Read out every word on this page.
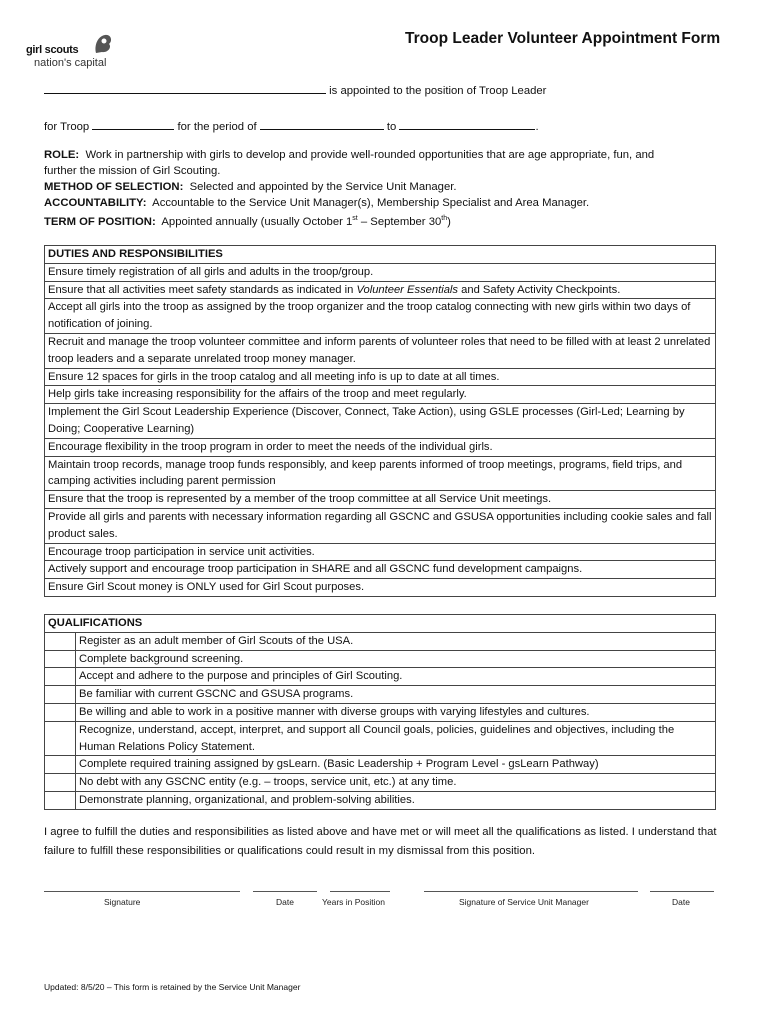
girl scouts
nation's capital
Troop Leader Volunteer Appointment Form
is appointed to the position of Troop Leader
for Troop	for the period of	to	.
ROLE: Work in partnership with girls to develop and provide well-rounded opportunities that are age appropriate, fun, and
further the mission of Girl Scouting.
METHOD OF SELECTION: Selected and appointed by the Service Unit Manager.
ACCOUNTABILITY: Accountable to the Service Unit Manager(s), Membership Specialist and Area Manager.
TERM OF POSITION: Appointed annually (usually October 1st – September 30th)
DUTIES AND RESPONSIBILITIES
Ensure timely registration of all girls and adults in the troop/group.
Ensure that all activities meet safety standards as indicated in Volunteer Essentials and Safety Activity Checkpoints.
Accept all girls into the troop as assigned by the troop organizer and the troop catalog connecting with new girls within two days of notification of joining.
Recruit and manage the troop volunteer committee and inform parents of volunteer roles that need to be filled with at least 2 unrelated troop leaders and a separate unrelated troop money manager.
Ensure 12 spaces for girls in the troop catalog and all meeting info is up to date at all times.
Help girls take increasing responsibility for the affairs of the troop and meet regularly.
Implement the Girl Scout Leadership Experience (Discover, Connect, Take Action), using GSLE processes (Girl-Led; Learning by Doing; Cooperative Learning)
Encourage flexibility in the troop program in order to meet the needs of the individual girls.
Maintain troop records, manage troop funds responsibly, and keep parents informed of troop meetings, programs, field trips, and camping activities including parent permission
Ensure that the troop is represented by a member of the troop committee at all Service Unit meetings.
Provide all girls and parents with necessary information regarding all GSCNC and GSUSA opportunities including cookie sales and fall product sales.
Encourage troop participation in service unit activities.
Actively support and encourage troop participation in SHARE and all GSCNC fund development campaigns.
Ensure Girl Scout money is ONLY used for Girl Scout purposes.
QUALIFICATIONS	
	Register as an adult member of Girl Scouts of the USA.
	Complete background screening.
	Accept and adhere to the purpose and principles of Girl Scouting.
	Be familiar with current GSCNC and GSUSA programs.
	Be willing and able to work in a positive manner with diverse groups with varying lifestyles and cultures.
	Recognize, understand, accept, interpret, and support all Council goals, policies, guidelines and objectives, including the Human Relations Policy Statement.
	Complete required training assigned by gsLearn. (Basic Leadership + Program Level - gsLearn Pathway)
	No debt with any GSCNC entity (e.g. – troops, service unit, etc.) at any time.
	Demonstrate planning, organizational, and problem-solving abilities.
I agree to fulfill the duties and responsibilities as listed above and have met or will meet all the qualifications as listed. I understand that failure to fulfill these responsibilities or qualifications could result in my dismissal from this position.
Signature	Date	Years in Position	Signature of Service Unit Manager	Date
Updated: 8/5/20 – This form is retained by the Service Unit Manager
